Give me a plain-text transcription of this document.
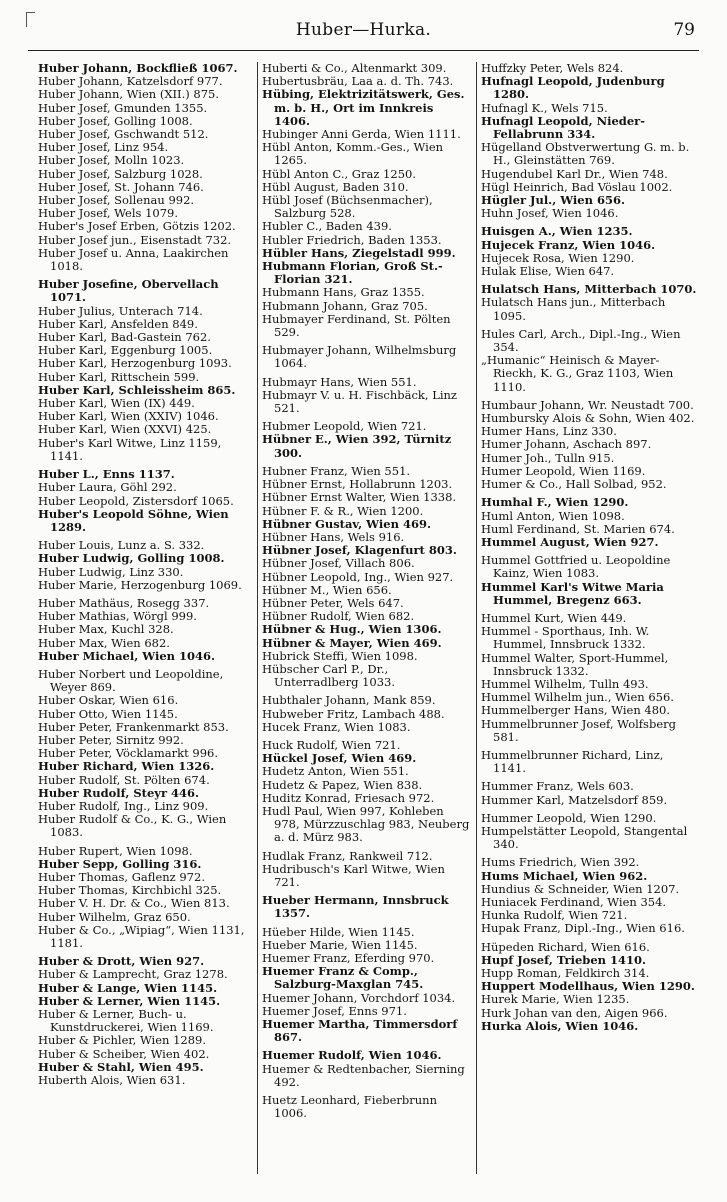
Huber—Hurka.	79
Huber Johann, Bockfließ 1067.
Huber Johann, Katzelsdorf 977.
Huber Johann, Wien (XII.) 875.
Huber Josef, Gmunden 1355.
Huber Josef, Golling 1008.
Huber Josef, Gschwandt 512.
Huber Josef, Linz 954.
Huber Josef, Molln 1023.
Huber Josef, Salzburg 1028.
Huber Josef, St. Johann 746.
Huber Josef, Sollenau 992.
Huber Josef, Wels 1079.
Huber's Josef Erben, Götzis 1202.
Huber Josef jun., Eisenstadt 732.
Huber Josef u. Anna, Laakirchen 1018.
Huber Josefine, Obervellach 1071.
Huber Julius, Unterach 714.
Huber Karl, Ansfelden 849.
Huber Karl, Bad-Gastein 762.
Huber Karl, Eggenburg 1005.
Huber Karl, Herzogenburg 1093.
Huber Karl, Rittschein 599.
Huber Karl, Schleissheim 865.
Huber Karl, Wien (IX) 449.
Huber Karl, Wien (XXIV) 1046.
Huber Karl, Wien (XXVI) 425.
Huber's Karl Witwe, Linz 1159, 1141.
Huber L., Enns 1137.
Huber Laura, Göhl 292.
Huber Leopold, Zistersdorf 1065.
Huber's Leopold Söhne, Wien 1289.
Huber Louis, Lunz a. S. 332.
Huber Ludwig, Golling 1008.
Huber Ludwig, Linz 330.
Huber Marie, Herzogenburg 1069.
Huber Mathäus, Rosegg 337.
Huber Mathias, Wörgl 999.
Huber Max, Kuchl 328.
Huber Max, Wien 682.
Huber Michael, Wien 1046.
Huber Norbert und Leopoldine, Weyer 869.
Huber Oskar, Wien 616.
Huber Otto, Wien 1145.
Huber Peter, Frankenmarkt 853.
Huber Peter, Sirnitz 992.
Huber Peter, Vöcklamarkt 996.
Huber Richard, Wien 1326.
Huber Rudolf, St. Pölten 674.
Huber Rudolf, Steyr 446.
Huber Rudolf, Ing., Linz 909.
Huber Rudolf & Co., K. G., Wien 1083.
Huber Rupert, Wien 1098.
Huber Sepp, Golling 316.
Huber Thomas, Gaflenz 972.
Huber Thomas, Kirchbichl 325.
Huber V. H. Dr. & Co., Wien 813.
Huber Wilhelm, Graz 650.
Huber & Co., „Wipiag“, Wien 1131, 1181.
Huber & Drott, Wien 927.
Huber & Lamprecht, Graz 1278.
Huber & Lange, Wien 1145.
Huber & Lerner, Wien 1145.
Huber & Lerner, Buch- u. Kunstdruckerei, Wien 1169.
Huber & Pichler, Wien 1289.
Huber & Scheiber, Wien 402.
Huber & Stahl, Wien 495.
Huberth Alois, Wien 631.
Huberti & Co., Altenmarkt 309.
Hubertusbräu, Laa a. d. Th. 743.
Hübing, Elektrizitätswerk, Ges. m. b. H., Ort im Innkreis 1406.
Hubinger Anni Gerda, Wien 1111.
Hübl Anton, Komm.-Ges., Wien 1265.
Hübl Anton C., Graz 1250.
Hübl August, Baden 310.
Hübl Josef (Büchsenmacher), Salzburg 528.
Hubler C., Baden 439.
Hubler Friedrich, Baden 1353.
Hübler Hans, Ziegelstadl 999.
Hubmann Florian, Groß St.-Florian 321.
Hubmann Hans, Graz 1355.
Hubmann Johann, Graz 705.
Hubmayer Ferdinand, St. Pölten 529.
Hubmayer Johann, Wilhelmsburg 1064.
Hubmayr Hans, Wien 551.
Hubmayr V. u. H. Fischbäck, Linz 521.
Hubmer Leopold, Wien 721.
Hübner E., Wien 392, Türnitz 300.
Hubner Franz, Wien 551.
Hübner Ernst, Hollabrunn 1203.
Hübner Ernst Walter, Wien 1338.
Hübner F. & R., Wien 1200.
Hübner Gustav, Wien 469.
Hübner Hans, Wels 916.
Hübner Josef, Klagenfurt 803.
Hübner Josef, Villach 806.
Hübner Leopold, Ing., Wien 927.
Hübner M., Wien 656.
Hübner Peter, Wels 647.
Hübner Rudolf, Wien 682.
Hübner & Hug., Wien 1306.
Hübner & Mayer, Wien 469.
Hubrick Steffi, Wien 1098.
Hübscher Carl P., Dr., Unterradlberg 1033.
Hubthaler Johann, Mank 859.
Hubweber Fritz, Lambach 488.
Hucek Franz, Wien 1083.
Huck Rudolf, Wien 721.
Hückel Josef, Wien 469.
Hudetz Anton, Wien 551.
Hudetz & Papez, Wien 838.
Huditz Konrad, Friesach 972.
Hudl Paul, Wien 997, Kohleben 978, Mürzzuschlag 983, Neuberg a. d. Mürz 983.
Hudlak Franz, Rankweil 712.
Hudribusch's Karl Witwe, Wien 721.
Hueber Hermann, Innsbruck 1357.
Hüeber Hilde, Wien 1145.
Hueber Marie, Wien 1145.
Huemer Franz, Eferding 970.
Huemer Franz & Comp., Salzburg-Maxglan 745.
Huemer Johann, Vorchdorf 1034.
Huemer Josef, Enns 971.
Huemer Martha, Timmersdorf 867.
Huemer Rudolf, Wien 1046.
Huemer & Redtenbacher, Sierning 492.
Huetz Leonhard, Fieberbrunn 1006.
Huffzky Peter, Wels 824.
Hufnagl Leopold, Judenburg 1280.
Hufnagl K., Wels 715.
Hufnagl Leopold, Nieder-Fellabrunn 334.
Hügelland Obstverwertung G. m. b. H., Gleinstätten 769.
Hugendubel Karl Dr., Wien 748.
Hügl Heinrich, Bad Vöslau 1002.
Hügler Jul., Wien 656.
Huhn Josef, Wien 1046.
Huisgen A., Wien 1235.
Hujecek Franz, Wien 1046.
Hujecek Rosa, Wien 1290.
Hulak Elise, Wien 647.
Hulatsch Hans, Mitterbach 1070.
Hulatsch Hans jun., Mitterbach 1095.
Hules Carl, Arch., Dipl.-Ing., Wien 354.
„Humanic“ Heinisch & Mayer-Rieckh, K. G., Graz 1103, Wien 1110.
Humbaur Johann, Wr. Neustadt 700.
Humbursky Alois & Sohn, Wien 402.
Humer Hans, Linz 330.
Humer Johann, Aschach 897.
Humer Joh., Tulln 915.
Humer Leopold, Wien 1169.
Humer & Co., Hall Solbad, 952.
Humhal F., Wien 1290.
Huml Anton, Wien 1098.
Huml Ferdinand, St. Marien 674.
Hummel August, Wien 927.
Hummel Gottfried u. Leopoldine Kainz, Wien 1083.
Hummel Karl's Witwe Maria Hummel, Bregenz 663.
Hummel Kurt, Wien 449.
Hummel - Sporthaus, Inh. W. Hummel, Innsbruck 1332.
Hummel Walter, Sport-Hummel, Innsbruck 1332.
Hummel Wilhelm, Tulln 493.
Hummel Wilhelm jun., Wien 656.
Hummelberger Hans, Wien 480.
Hummelbrunner Josef, Wolfsberg 581.
Hummelbrunner Richard, Linz, 1141.
Hummer Franz, Wels 603.
Hummer Karl, Matzelsdorf 859.
Hummer Leopold, Wien 1290.
Humpelstätter Leopold, Stangental 340.
Hums Friedrich, Wien 392.
Hums Michael, Wien 962.
Hundius & Schneider, Wien 1207.
Huniacek Ferdinand, Wien 354.
Hunka Rudolf, Wien 721.
Hupak Franz, Dipl.-Ing., Wien 616.
Hüpeden Richard, Wien 616.
Hupf Josef, Trieben 1410.
Hupp Roman, Feldkirch 314.
Huppert Modellhaus, Wien 1290.
Hurek Marie, Wien 1235.
Hurk Johan van den, Aigen 966.
Hurka Alois, Wien 1046.
